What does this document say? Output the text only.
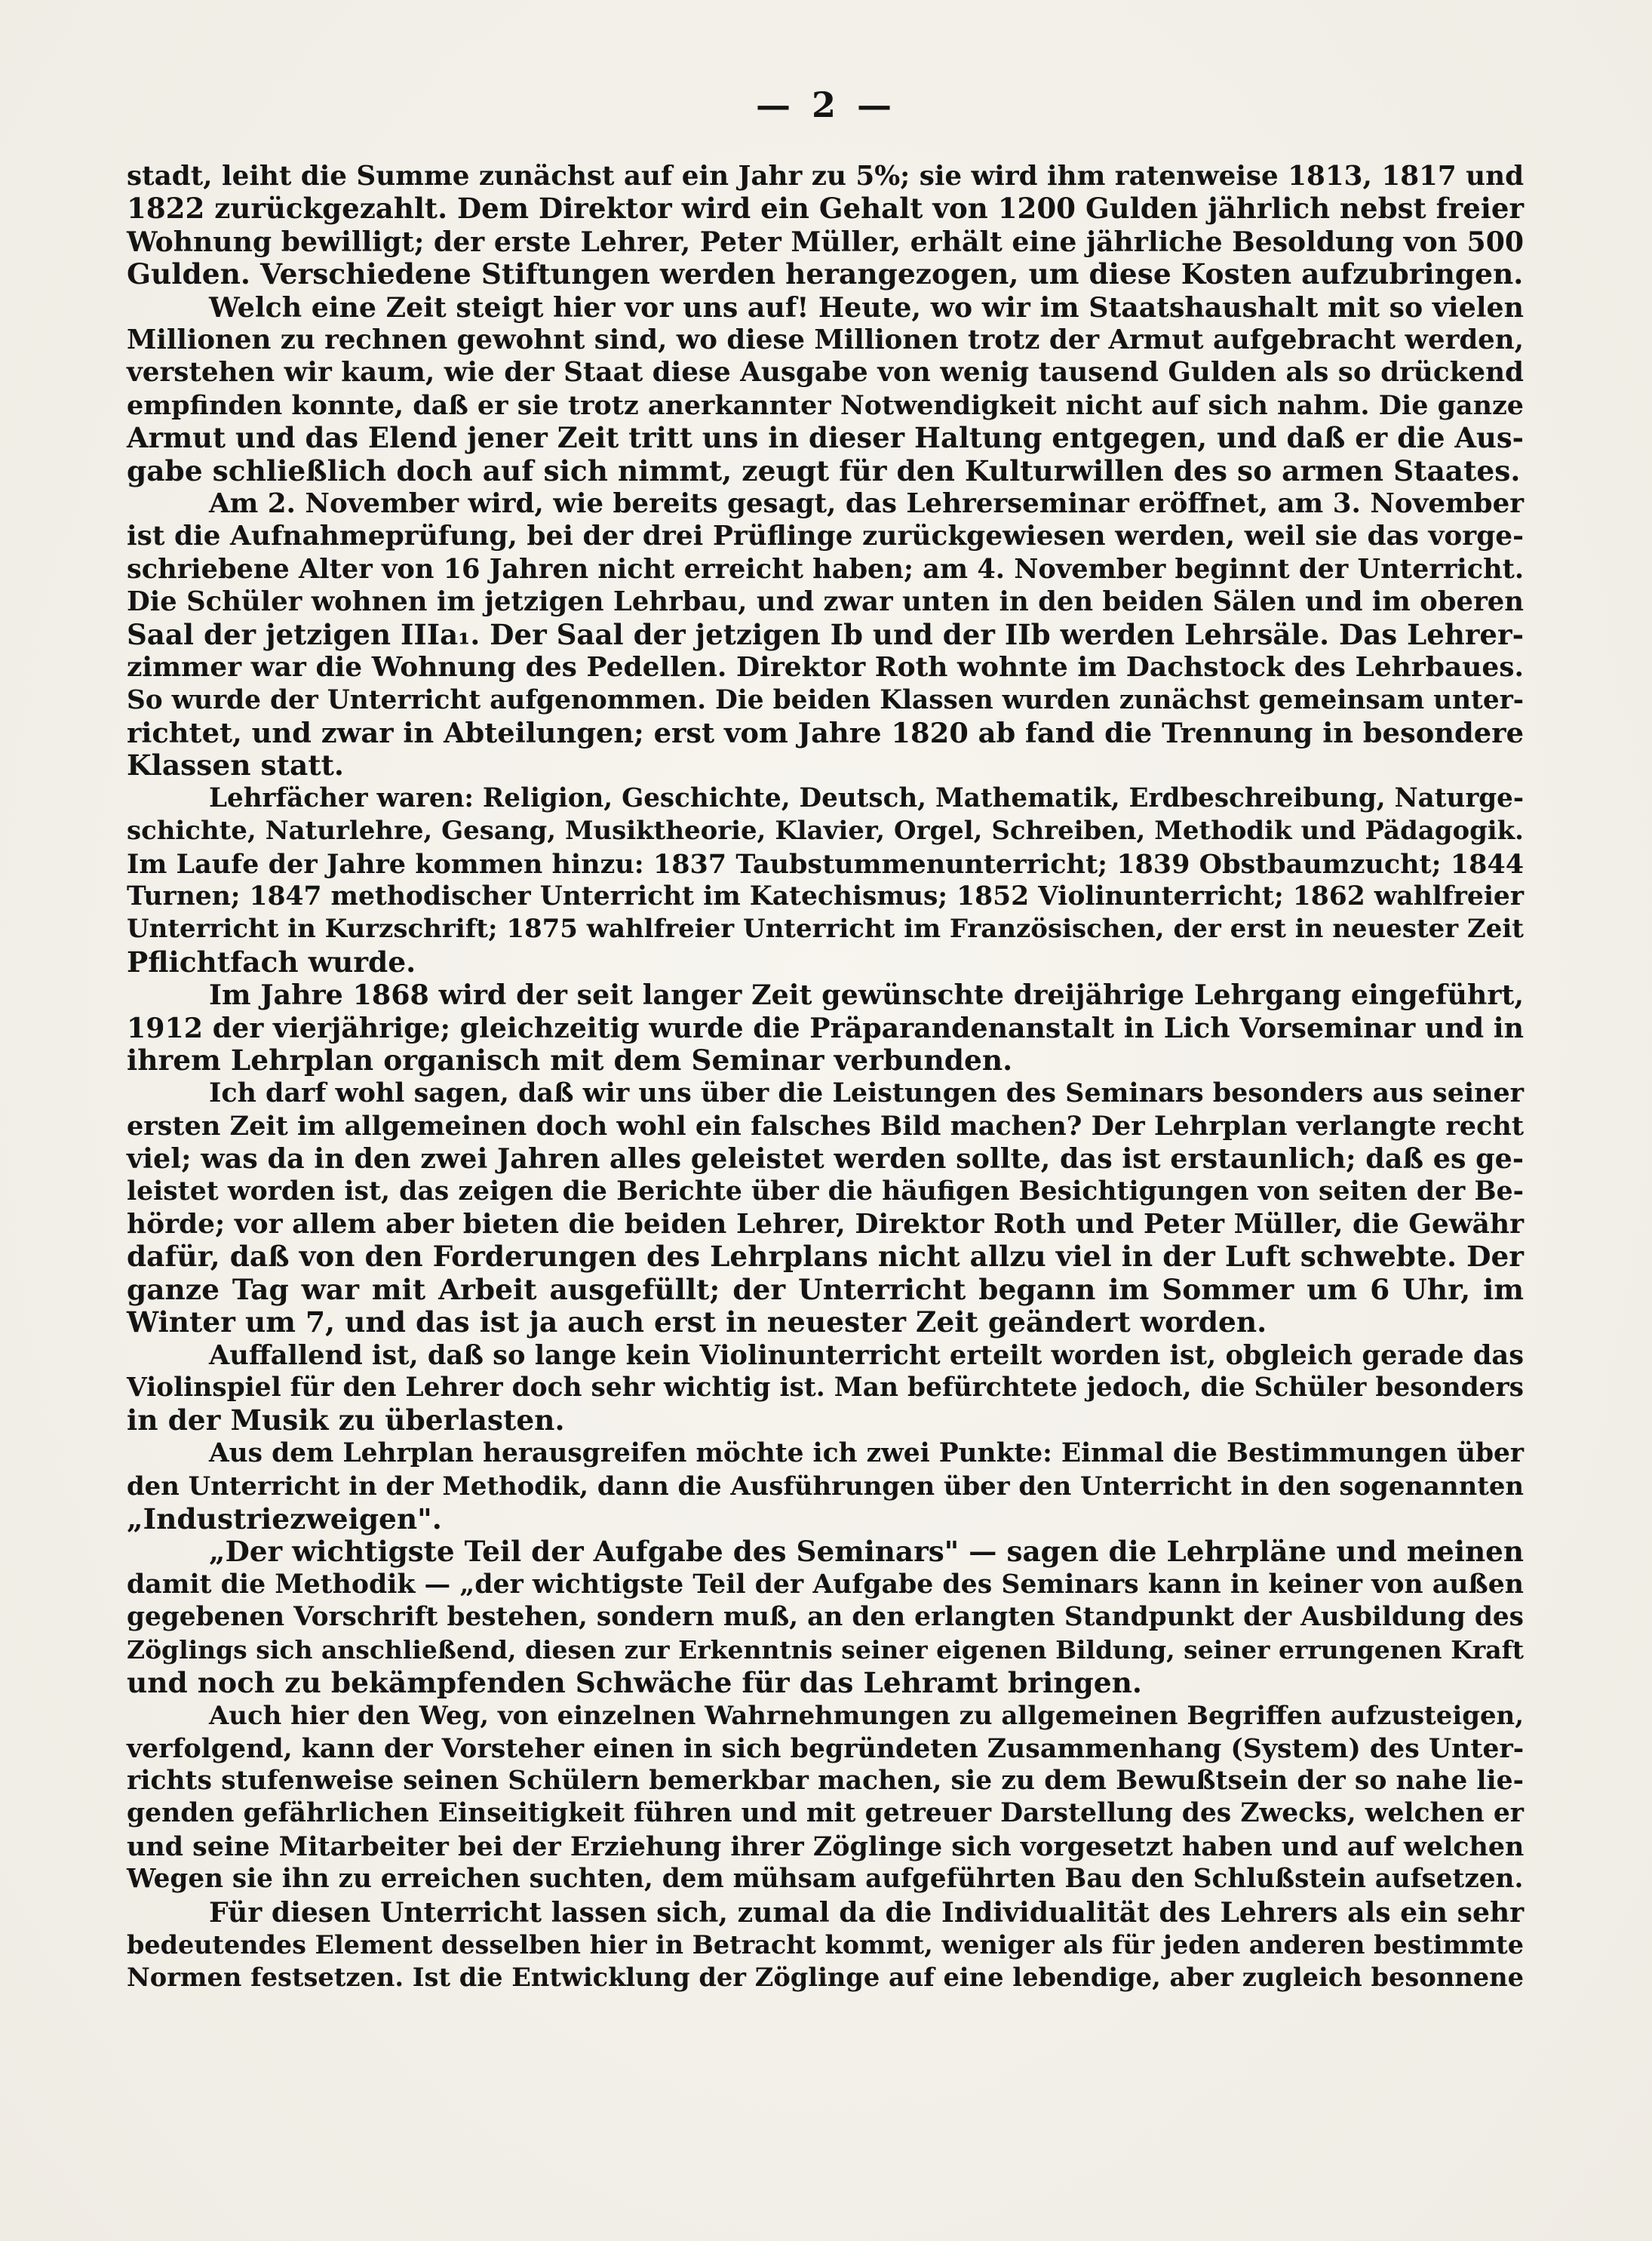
— 2 —
stadt, leiht die Summe zunächst auf ein Jahr zu 5%; sie wird ihm ratenweise 1813, 1817 und
1822 zurückgezahlt. Dem Direktor wird ein Gehalt von 1200 Gulden jährlich nebst freier
Wohnung bewilligt; der erste Lehrer, Peter Müller, erhält eine jährliche Besoldung von 500
Gulden. Verschiedene Stiftungen werden herangezogen, um diese Kosten aufzubringen.
Welch eine Zeit steigt hier vor uns auf! Heute, wo wir im Staatshaushalt mit so vielen
Millionen zu rechnen gewohnt sind, wo diese Millionen trotz der Armut aufgebracht werden,
verstehen wir kaum, wie der Staat diese Ausgabe von wenig tausend Gulden als so drückend
empfinden konnte, daß er sie trotz anerkannter Notwendigkeit nicht auf sich nahm. Die ganze
Armut und das Elend jener Zeit tritt uns in dieser Haltung entgegen, und daß er die Aus-
gabe schließlich doch auf sich nimmt, zeugt für den Kulturwillen des so armen Staates.
Am 2. November wird, wie bereits gesagt, das Lehrerseminar eröffnet, am 3. November
ist die Aufnahmeprüfung, bei der drei Prüflinge zurückgewiesen werden, weil sie das vorge-
schriebene Alter von 16 Jahren nicht erreicht haben; am 4. November beginnt der Unterricht.
Die Schüler wohnen im jetzigen Lehrbau, und zwar unten in den beiden Sälen und im oberen
Saal der jetzigen IIIa₁. Der Saal der jetzigen Ib und der IIb werden Lehrsäle. Das Lehrer-
zimmer war die Wohnung des Pedellen. Direktor Roth wohnte im Dachstock des Lehrbaues.
So wurde der Unterricht aufgenommen. Die beiden Klassen wurden zunächst gemeinsam unter-
richtet, und zwar in Abteilungen; erst vom Jahre 1820 ab fand die Trennung in besondere
Klassen statt.
Lehrfächer waren: Religion, Geschichte, Deutsch, Mathematik, Erdbeschreibung, Naturge-
schichte, Naturlehre, Gesang, Musiktheorie, Klavier, Orgel, Schreiben, Methodik und Pädagogik.
Im Laufe der Jahre kommen hinzu: 1837 Taubstummenunterricht; 1839 Obstbaumzucht; 1844
Turnen; 1847 methodischer Unterricht im Katechismus; 1852 Violinunterricht; 1862 wahlfreier
Unterricht in Kurzschrift; 1875 wahlfreier Unterricht im Französischen, der erst in neuester Zeit
Pflichtfach wurde.
Im Jahre 1868 wird der seit langer Zeit gewünschte dreijährige Lehrgang eingeführt,
1912 der vierjährige; gleichzeitig wurde die Präparandenanstalt in Lich Vorseminar und in
ihrem Lehrplan organisch mit dem Seminar verbunden.
Ich darf wohl sagen, daß wir uns über die Leistungen des Seminars besonders aus seiner
ersten Zeit im allgemeinen doch wohl ein falsches Bild machen? Der Lehrplan verlangte recht
viel; was da in den zwei Jahren alles geleistet werden sollte, das ist erstaunlich; daß es ge-
leistet worden ist, das zeigen die Berichte über die häufigen Besichtigungen von seiten der Be-
hörde; vor allem aber bieten die beiden Lehrer, Direktor Roth und Peter Müller, die Gewähr
dafür, daß von den Forderungen des Lehrplans nicht allzu viel in der Luft schwebte. Der
ganze Tag war mit Arbeit ausgefüllt; der Unterricht begann im Sommer um 6 Uhr, im
Winter um 7, und das ist ja auch erst in neuester Zeit geändert worden.
Auffallend ist, daß so lange kein Violinunterricht erteilt worden ist, obgleich gerade das
Violinspiel für den Lehrer doch sehr wichtig ist. Man befürchtete jedoch, die Schüler besonders
in der Musik zu überlasten.
Aus dem Lehrplan herausgreifen möchte ich zwei Punkte: Einmal die Bestimmungen über
den Unterricht in der Methodik, dann die Ausführungen über den Unterricht in den sogenannten
„Industriezweigen".
„Der wichtigste Teil der Aufgabe des Seminars" — sagen die Lehrpläne und meinen
damit die Methodik — „der wichtigste Teil der Aufgabe des Seminars kann in keiner von außen
gegebenen Vorschrift bestehen, sondern muß, an den erlangten Standpunkt der Ausbildung des
Zöglings sich anschließend, diesen zur Erkenntnis seiner eigenen Bildung, seiner errungenen Kraft
und noch zu bekämpfenden Schwäche für das Lehramt bringen.
Auch hier den Weg, von einzelnen Wahrnehmungen zu allgemeinen Begriffen aufzusteigen,
verfolgend, kann der Vorsteher einen in sich begründeten Zusammenhang (System) des Unter-
richts stufenweise seinen Schülern bemerkbar machen, sie zu dem Bewußtsein der so nahe lie-
genden gefährlichen Einseitigkeit führen und mit getreuer Darstellung des Zwecks, welchen er
und seine Mitarbeiter bei der Erziehung ihrer Zöglinge sich vorgesetzt haben und auf welchen
Wegen sie ihn zu erreichen suchten, dem mühsam aufgeführten Bau den Schlußstein aufsetzen.
Für diesen Unterricht lassen sich, zumal da die Individualität des Lehrers als ein sehr
bedeutendes Element desselben hier in Betracht kommt, weniger als für jeden anderen bestimmte
Normen festsetzen. Ist die Entwicklung der Zöglinge auf eine lebendige, aber zugleich besonnene
